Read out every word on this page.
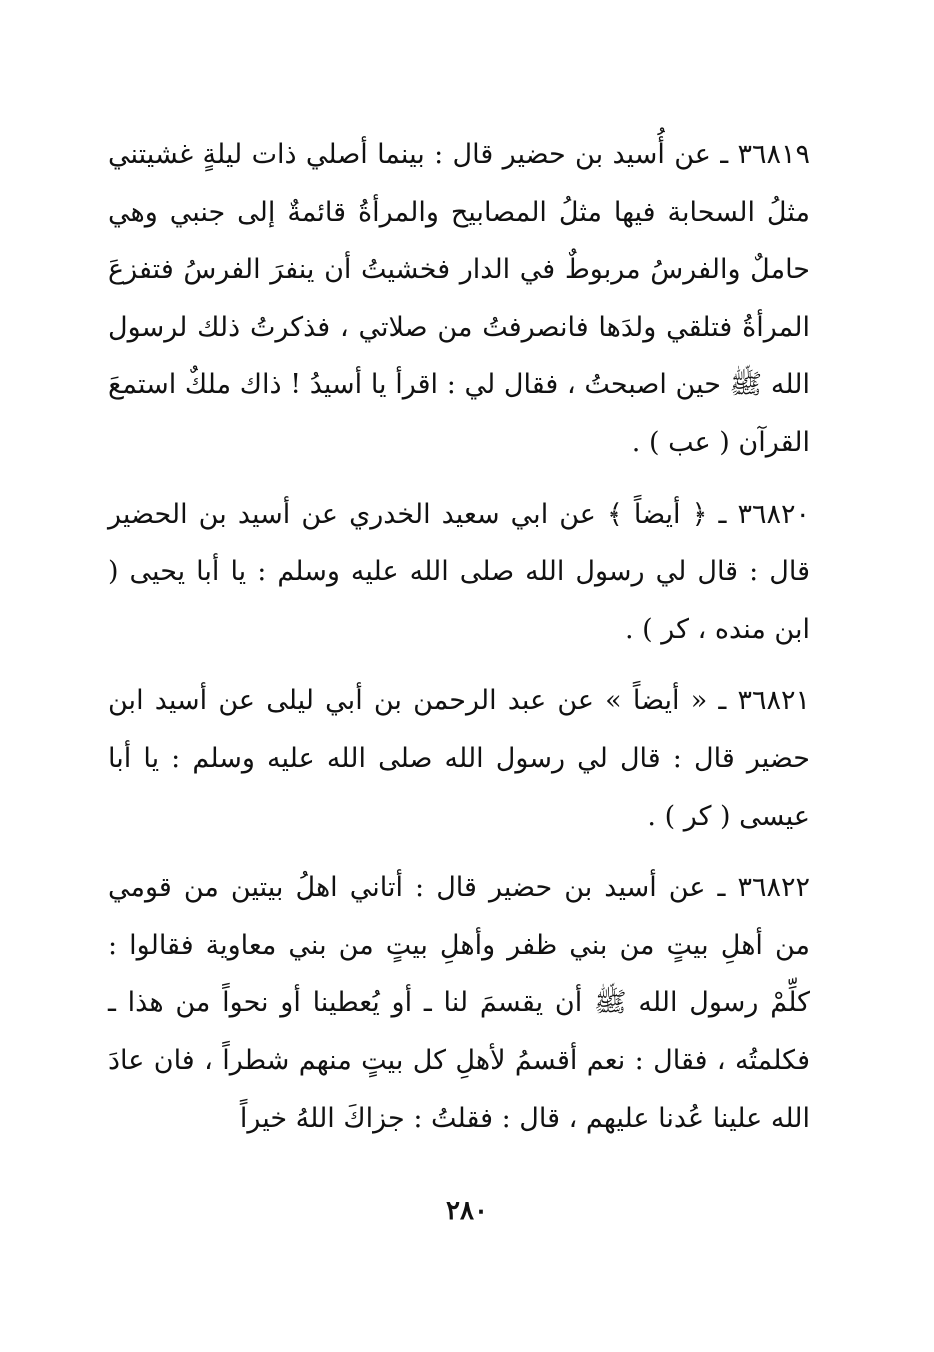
٣٦٨١٩ ـ عن أُسيد بن حضير قال : بينما أصلي ذات ليلةٍ غشيتني مثلُ السحابة فيها مثلُ المصابيح والمرأةُ قائمةٌ إلى جنبي وهي حاملٌ والفرسُ مربوطٌ في الدار فخشيتُ أن ينفرَ الفرسُ فتفزعَ المرأةُ فتلقي ولدَها فانصرفتُ من صلاتي ، فذكرتُ ذلك لرسول الله ﷺ حين اصبحتُ ، فقال لي : اقرأ يا أسيدُ ! ذاك ملكٌ استمعَ القرآن ( عب ) .

٣٦٨٢٠ ـ ﴿ أيضاً ﴾ عن ابي سعيد الخدري عن أسيد بن الحضير قال : قال لي رسول الله صلى الله عليه وسلم : يا أبا يحيى ( ابن منده ، كر ) .

٣٦٨٢١ ـ « أيضاً » عن عبد الرحمن بن أبي ليلى عن أسيد ابن حضير قال : قال لي رسول الله صلى الله عليه وسلم : يا أبا عيسى ( كر ) .

٣٦٨٢٢ ـ عن أسيد بن حضير قال : أتاني اهلُ بيتين من قومي من أهلِ بيتٍ من بني ظفر وأهلِ بيتٍ من بني معاوية فقالوا : كلِّمْ رسول الله ﷺ أن يقسمَ لنا ـ أو يُعطينا أو نحواً من هذا ـ فكلمتُه ، فقال : نعم أقسمُ لأهلِ كل بيتٍ منهم شطراً ، فان عادَ الله علينا عُدنا عليهم ، قال : فقلتُ : جزاكَ اللهُ خيراً

٢٨٠
